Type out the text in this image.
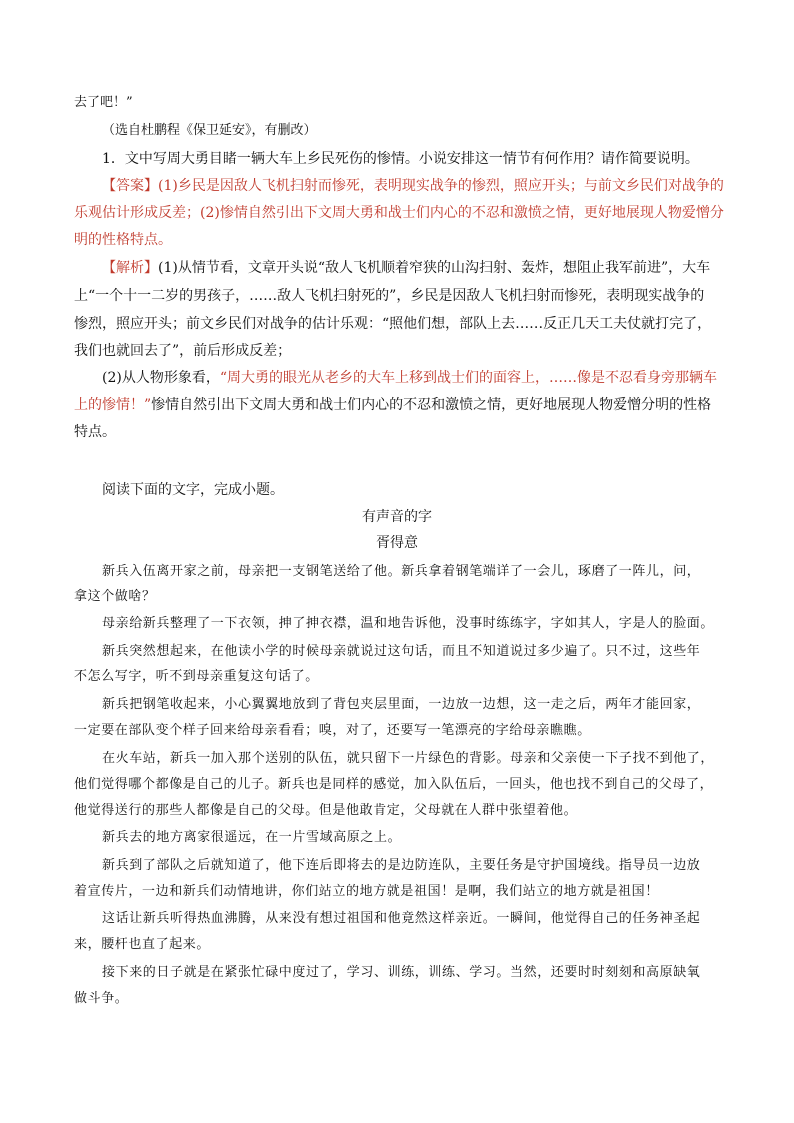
去了吧！”
（选自杜鹏程《保卫延安》，有删改）
1．文中写周大勇目睹一辆大车上乡民死伤的惨情。小说安排这一情节有何作用？请作简要说明。
【答案】(1)乡民是因敌人飞机扫射而惨死，表明现实战争的惨烈，照应开头；与前文乡民们对战争的
乐观估计形成反差；(2)惨情自然引出下文周大勇和战士们内心的不忍和激愤之情，更好地展现人物爱憎分
明的性格特点。
【解析】(1)从情节看，文章开头说“敌人飞机顺着窄狭的山沟扫射、轰炸，想阻止我军前进”，大车
上“一个十一二岁的男孩子，……敌人飞机扫射死的”，乡民是因敌人飞机扫射而惨死，表明现实战争的
惨烈，照应开头；前文乡民们对战争的估计乐观：“照他们想，部队上去……反正几天工夫仗就打完了，
我们也就回去了”，前后形成反差；
(2)从人物形象看，“周大勇的眼光从老乡的大车上移到战士们的面容上，……像是不忍看身旁那辆车
上的惨情！”惨情自然引出下文周大勇和战士们内心的不忍和激愤之情，更好地展现人物爱憎分明的性格
特点。
阅读下面的文字，完成小题。
有声音的字
胥得意
新兵入伍离开家之前，母亲把一支钢笔送给了他。新兵拿着钢笔端详了一会儿，琢磨了一阵儿，问，
拿这个做啥？
母亲给新兵整理了一下衣领，抻了抻衣襟，温和地告诉他，没事时练练字，字如其人，字是人的脸面。
新兵突然想起来，在他读小学的时候母亲就说过这句话，而且不知道说过多少遍了。只不过，这些年
不怎么写字，听不到母亲重复这句话了。
新兵把钢笔收起来，小心翼翼地放到了背包夹层里面，一边放一边想，这一走之后，两年才能回家，
一定要在部队变个样子回来给母亲看看；嗅，对了，还要写一笔漂亮的字给母亲瞧瞧。
在火车站，新兵一加入那个送别的队伍，就只留下一片绿色的背影。母亲和父亲使一下子找不到他了，
他们觉得哪个都像是自己的儿子。新兵也是同样的感觉，加入队伍后，一回头，他也找不到自己的父母了，
他觉得送行的那些人都像是自己的父母。但是他敢肯定，父母就在人群中张望着他。
新兵去的地方离家很遥远，在一片雪域高原之上。
新兵到了部队之后就知道了，他下连后即将去的是边防连队，主要任务是守护国境线。指导员一边放
着宣传片，一边和新兵们动情地讲，你们站立的地方就是祖国！是啊，我们站立的地方就是祖国！
这话让新兵听得热血沸腾，从来没有想过祖国和他竟然这样亲近。一瞬间，他觉得自己的任务神圣起
来，腰杆也直了起来。
接下来的日子就是在紧张忙碌中度过了，学习、训练，训练、学习。当然，还要时时刻刻和高原缺氧
做斗争。
